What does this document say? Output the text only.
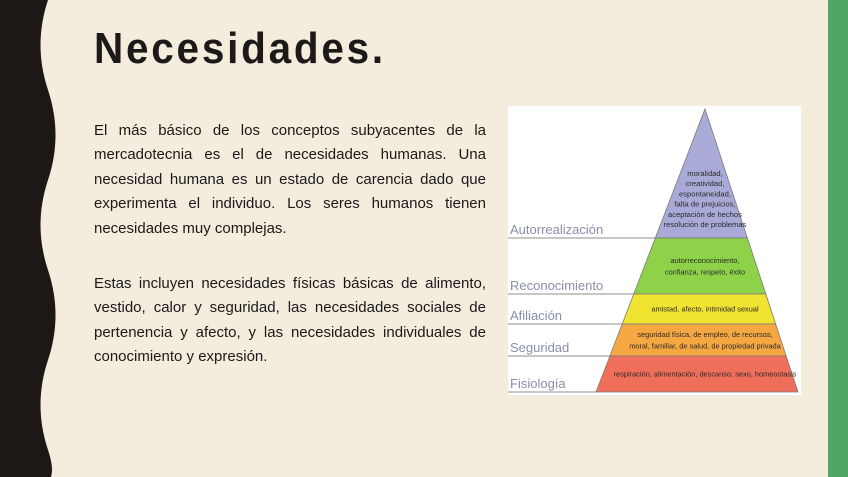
Necesidades.

El más básico de los conceptos subyacentes de la mercadotecnia es el de necesidades humanas. Una necesidad humana es un estado de carencia dado que experimenta el individuo. Los seres humanos tienen necesidades muy complejas.

Estas incluyen necesidades físicas básicas de alimento, vestido, calor y seguridad, las necesidades sociales de pertenencia y afecto, y las necesidades individuales de conocimiento y expresión.

Autorrealización
moralidad,
creatividad,
espontaneidad,
falta de prejuicios,
aceptación de hechos
resolución de problemas
Reconocimiento
autorreconocimiento,
confianza, respeto, éxito
Afiliación	amistad, afecto, intimidad sexual
Seguridad
seguridad física, de empleo, de recursos,
moral, familiar, de salud, de propiedad privada
Fisiología
respiración, alimentación, descanso, sexo, homeostasis
